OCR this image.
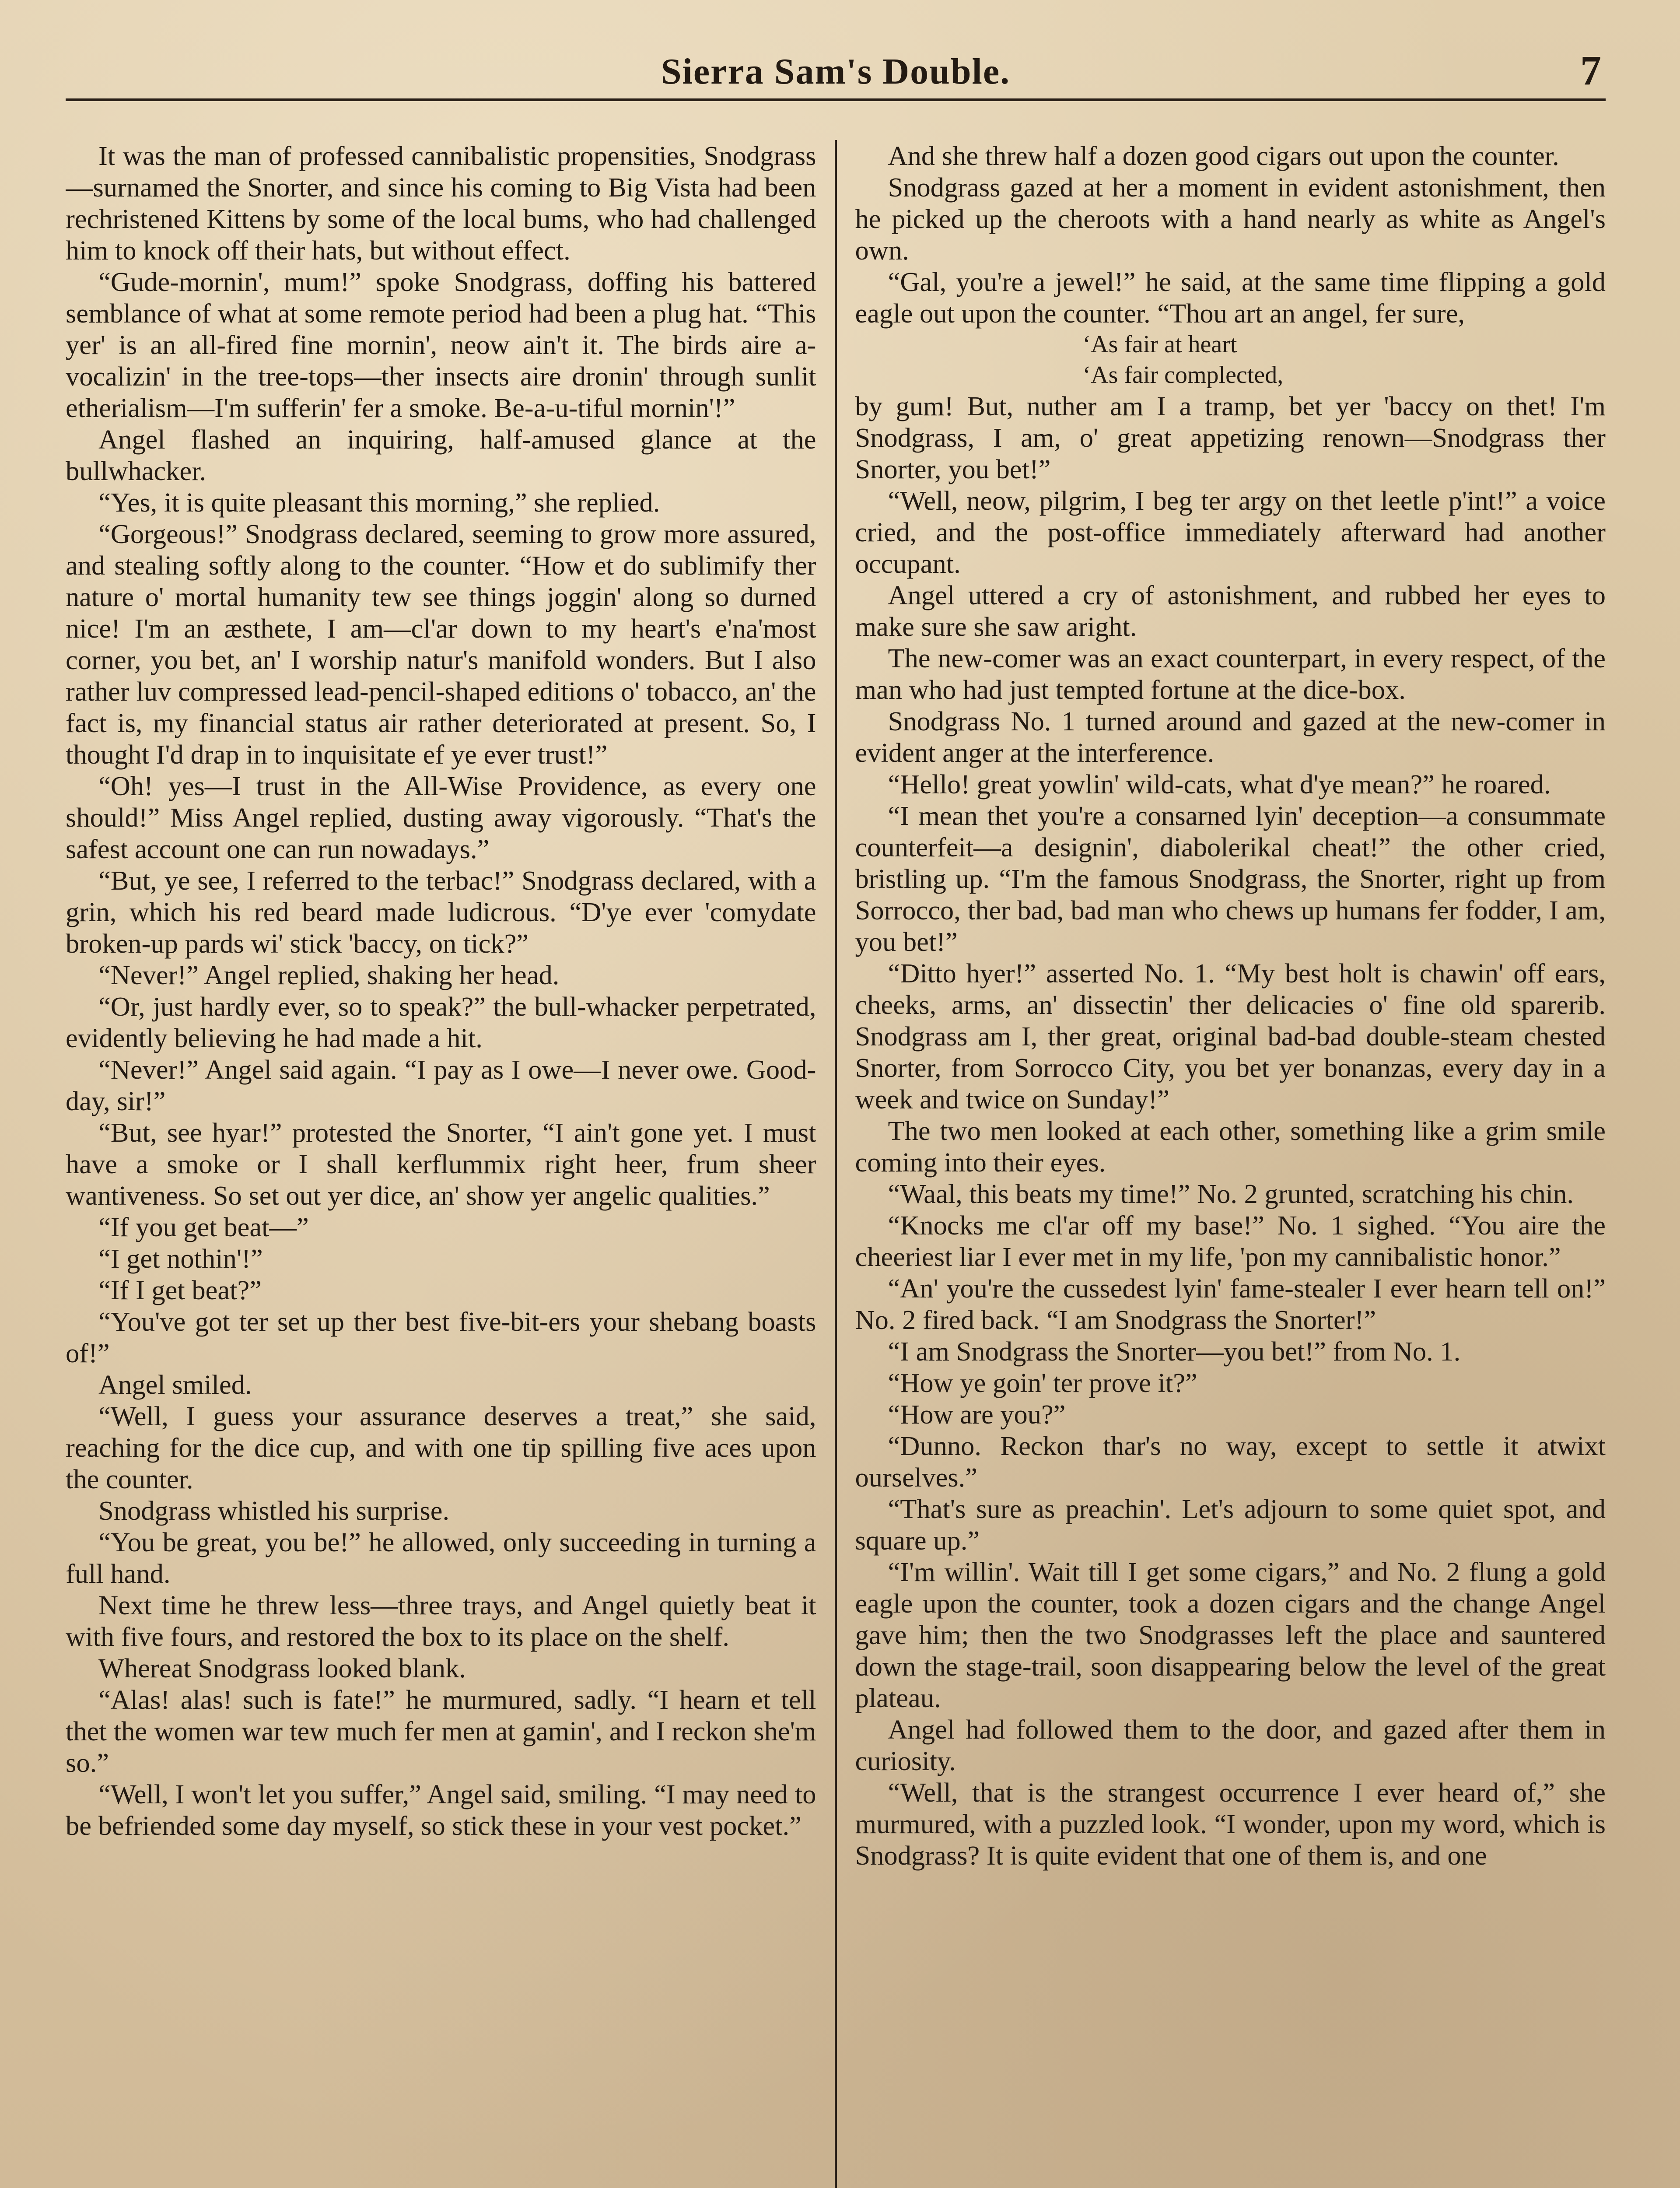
Sierra Sam's Double.	7

It was the man of professed cannibalistic propensities, Snodgrass—surnamed the Snorter, and since his coming to Big Vista had been rechristened Kittens by some of the local bums, who had challenged him to knock off their hats, but without effect.

“Gude-mornin', mum!” spoke Snodgrass, doffing his battered semblance of what at some remote period had been a plug hat. “This yer' is an all-fired fine mornin', neow ain't it. The birds aire a-vocalizin' in the tree-tops—ther insects aire dronin' through sunlit etherialism—I'm sufferin' fer a smoke. Be-a-u-tiful mornin'!”

Angel flashed an inquiring, half-amused glance at the bullwhacker.

“Yes, it is quite pleasant this morning,” she replied.

“Gorgeous!” Snodgrass declared, seeming to grow more assured, and stealing softly along to the counter. “How et do sublimify ther nature o' mortal humanity tew see things joggin' along so durned nice! I'm an æsthete, I am—cl'ar down to my heart's e'na'most corner, you bet, an' I worship natur's manifold wonders. But I also rather luv compressed lead-pencil-shaped editions o' tobacco, an' the fact is, my financial status air rather deteriorated at present. So, I thought I'd drap in to inquisitate ef ye ever trust!”

“Oh! yes—I trust in the All-Wise Providence, as every one should!” Miss Angel replied, dusting away vigorously. “That's the safest account one can run nowadays.”

“But, ye see, I referred to the terbac!” Snodgrass declared, with a grin, which his red beard made ludicrous. “D'ye ever 'comydate broken-up pards wi' stick 'baccy, on tick?”

“Never!” Angel replied, shaking her head.

“Or, just hardly ever, so to speak?” the bull-whacker perpetrated, evidently believing he had made a hit.

“Never!” Angel said again. “I pay as I owe—I never owe. Good-day, sir!”

“But, see hyar!” protested the Snorter, “I ain't gone yet. I must have a smoke or I shall kerflummix right heer, frum sheer wantiveness. So set out yer dice, an' show yer angelic qualities.”

“If you get beat—”

“I get nothin'!”

“If I get beat?”

“You've got ter set up ther best five-bit-ers your shebang boasts of!”

Angel smiled.

“Well, I guess your assurance deserves a treat,” she said, reaching for the dice cup, and with one tip spilling five aces upon the counter.

Snodgrass whistled his surprise.

“You be great, you be!” he allowed, only succeeding in turning a full hand.

Next time he threw less—three trays, and Angel quietly beat it with five fours, and restored the box to its place on the shelf.

Whereat Snodgrass looked blank.

“Alas! alas! such is fate!” he murmured, sadly. “I hearn et tell thet the women war tew much fer men at gamin', and I reckon she'm so.”

“Well, I won't let you suffer,” Angel said, smiling. “I may need to be befriended some day myself, so stick these in your vest pocket.”

And she threw half a dozen good cigars out upon the counter.

Snodgrass gazed at her a moment in evident astonishment, then he picked up the cheroots with a hand nearly as white as Angel's own.

“Gal, you're a jewel!” he said, at the same time flipping a gold eagle out upon the counter. “Thou art an angel, fer sure,

‘As fair at heart

‘As fair complected,

by gum! But, nuther am I a tramp, bet yer 'baccy on thet! I'm Snodgrass, I am, o' great appetizing renown—Snodgrass ther Snorter, you bet!”

“Well, neow, pilgrim, I beg ter argy on thet leetle p'int!” a voice cried, and the post-office immediately afterward had another occupant.

Angel uttered a cry of astonishment, and rubbed her eyes to make sure she saw aright.

The new-comer was an exact counterpart, in every respect, of the man who had just tempted fortune at the dice-box.

Snodgrass No. 1 turned around and gazed at the new-comer in evident anger at the interference.

“Hello! great yowlin' wild-cats, what d'ye mean?” he roared.

“I mean thet you're a consarned lyin' deception—a consummate counterfeit—a designin', diabolerikal cheat!” the other cried, bristling up. “I'm the famous Snodgrass, the Snorter, right up from Sorrocco, ther bad, bad man who chews up humans fer fodder, I am, you bet!”

“Ditto hyer!” asserted No. 1. “My best holt is chawin' off ears, cheeks, arms, an' dissectin' ther delicacies o' fine old sparerib. Snodgrass am I, ther great, original bad-bad double-steam chested Snorter, from Sorrocco City, you bet yer bonanzas, every day in a week and twice on Sunday!”

The two men looked at each other, something like a grim smile coming into their eyes.

“Waal, this beats my time!” No. 2 grunted, scratching his chin.

“Knocks me cl'ar off my base!” No. 1 sighed. “You aire the cheeriest liar I ever met in my life, 'pon my cannibalistic honor.”

“An' you're the cussedest lyin' fame-stealer I ever hearn tell on!” No. 2 fired back. “I am Snodgrass the Snorter!”

“I am Snodgrass the Snorter—you bet!” from No. 1.

“How ye goin' ter prove it?”

“How are you?”

“Dunno. Reckon thar's no way, except to settle it atwixt ourselves.”

“That's sure as preachin'. Let's adjourn to some quiet spot, and square up.”

“I'm willin'. Wait till I get some cigars,” and No. 2 flung a gold eagle upon the counter, took a dozen cigars and the change Angel gave him; then the two Snodgrasses left the place and sauntered down the stage-trail, soon disappearing below the level of the great plateau.

Angel had followed them to the door, and gazed after them in curiosity.

“Well, that is the strangest occurrence I ever heard of,” she murmured, with a puzzled look. “I wonder, upon my word, which is Snodgrass? It is quite evident that one of them is, and one
